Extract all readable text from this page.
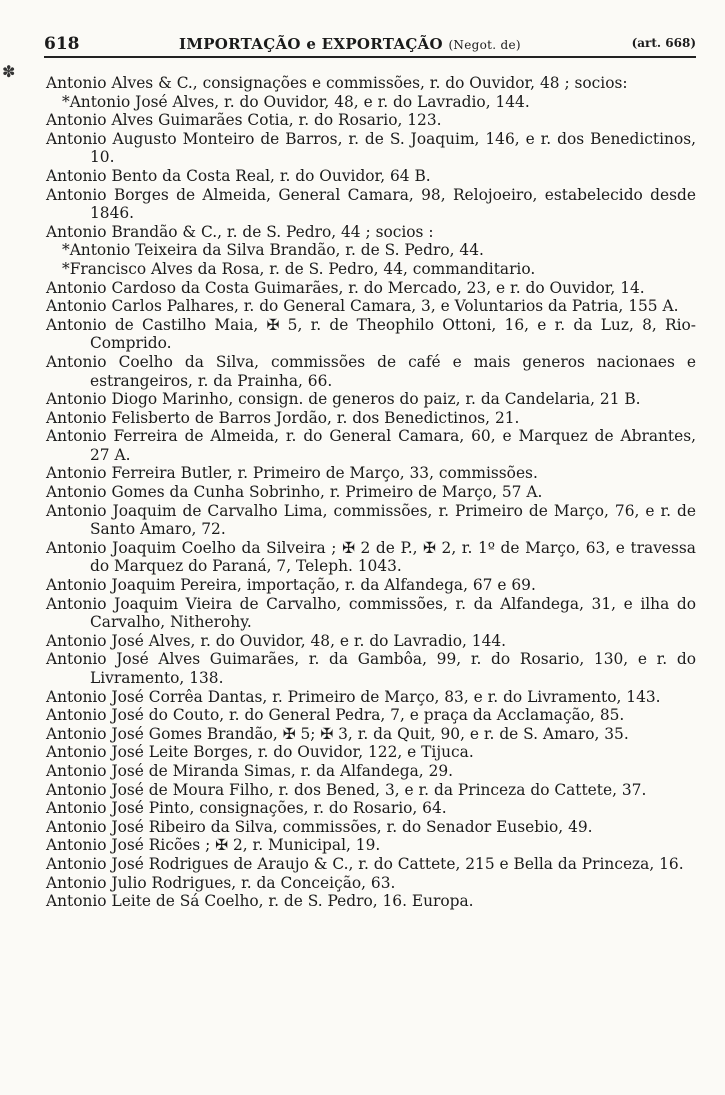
✽
618	IMPORTAÇÃO e EXPORTAÇÃO (Negot. de)	(art. 668)

Antonio Alves & C., consignações e commissões, r. do Ouvidor, 48 ; socios:

*Antonio José Alves, r. do Ouvidor, 48, e r. do Lavradio, 144.

Antonio Alves Guimarães Cotia, r. do Rosario, 123.

Antonio Augusto Monteiro de Barros, r. de S. Joaquim, 146, e r. dos Benedictinos, 10.

Antonio Bento da Costa Real, r. do Ouvidor, 64 B.

Antonio Borges de Almeida, General Camara, 98, Relojoeiro, estabelecido desde 1846.

Antonio Brandão & C., r. de S. Pedro, 44 ; socios :

*Antonio Teixeira da Silva Brandão, r. de S. Pedro, 44.

*Francisco Alves da Rosa, r. de S. Pedro, 44, commanditario.

Antonio Cardoso da Costa Guimarães, r. do Mercado, 23, e r. do Ouvidor, 14.

Antonio Carlos Palhares, r. do General Camara, 3, e Voluntarios da Patria, 155 A.

Antonio de Castilho Maia, ✠ 5, r. de Theophilo Ottoni, 16, e r. da Luz, 8, Rio-Comprido.

Antonio Coelho da Silva, commissões de café e mais generos nacionaes e estrangeiros, r. da Prainha, 66.

Antonio Diogo Marinho, consign. de generos do paiz, r. da Candelaria, 21 B.

Antonio Felisberto de Barros Jordão, r. dos Benedictinos, 21.

Antonio Ferreira de Almeida, r. do General Camara, 60, e Marquez de Abrantes, 27 A.

Antonio Ferreira Butler, r. Primeiro de Março, 33, commissões.

Antonio Gomes da Cunha Sobrinho, r. Primeiro de Março, 57 A.

Antonio Joaquim de Carvalho Lima, commissões, r. Primeiro de Março, 76, e r. de Santo Amaro, 72.

Antonio Joaquim Coelho da Silveira ; ✠ 2 de P., ✠ 2, r. 1º de Março, 63, e travessa do Marquez do Paraná, 7, Teleph. 1043.

Antonio Joaquim Pereira, importação, r. da Alfandega, 67 e 69.

Antonio Joaquim Vieira de Carvalho, commissões, r. da Alfandega, 31, e ilha do Carvalho, Nitherohy.

Antonio José Alves, r. do Ouvidor, 48, e r. do Lavradio, 144.

Antonio José Alves Guimarães, r. da Gambôa, 99, r. do Rosario, 130, e r. do Livramento, 138.

Antonio José Corrêa Dantas, r. Primeiro de Março, 83, e r. do Livramento, 143.

Antonio José do Couto, r. do General Pedra, 7, e praça da Acclamação, 85.

Antonio José Gomes Brandão, ✠ 5; ✠ 3, r. da Quit, 90, e r. de S. Amaro, 35.

Antonio José Leite Borges, r. do Ouvidor, 122, e Tijuca.

Antonio José de Miranda Simas, r. da Alfandega, 29.

Antonio José de Moura Filho, r. dos Bened, 3, e r. da Princeza do Cattete, 37.

Antonio José Pinto, consignações, r. do Rosario, 64.

Antonio José Ribeiro da Silva, commissões, r. do Senador Eusebio, 49.

Antonio José Ricões ; ✠ 2, r. Municipal, 19.

Antonio José Rodrigues de Araujo & C., r. do Cattete, 215 e Bella da Princeza, 16.

Antonio Julio Rodrigues, r. da Conceição, 63.

Antonio Leite de Sá Coelho, r. de S. Pedro, 16. Europa.
